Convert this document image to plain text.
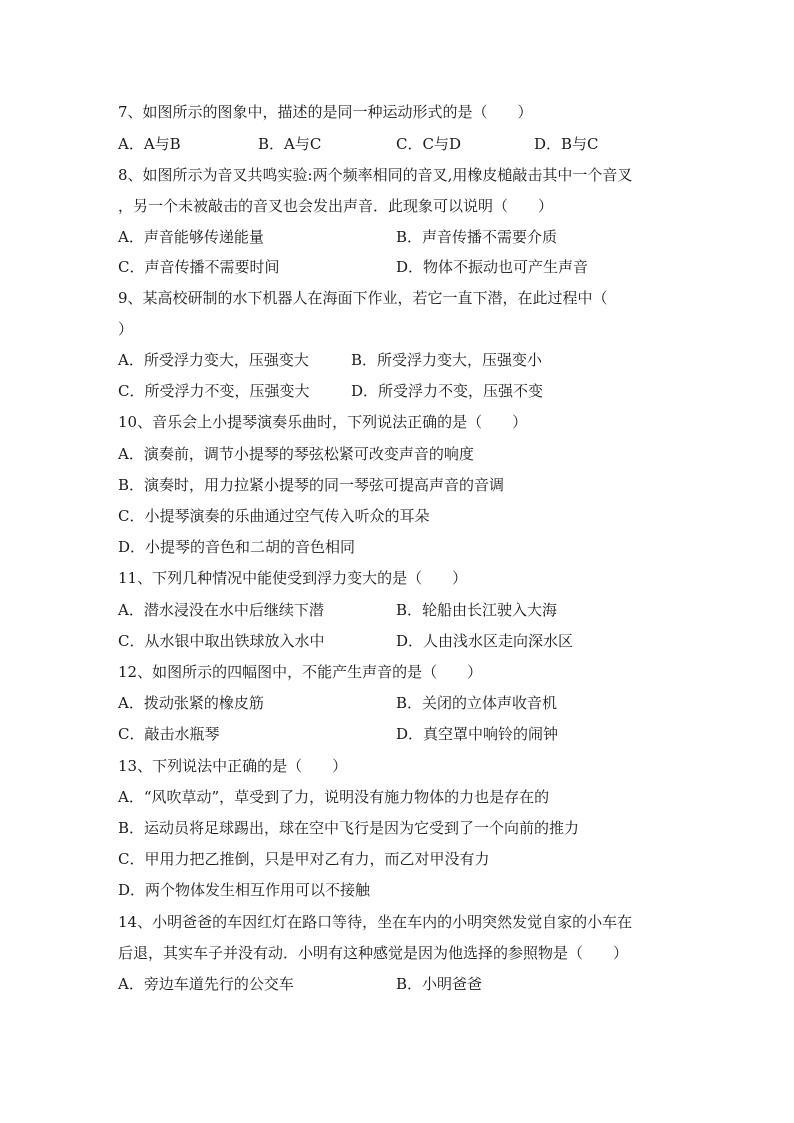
7、如图所示的图象中，描述的是同一种运动形式的是（　　）
A．A与B	B．A与C	C．C与D	D．B与C
8、如图所示为音叉共鸣实验:两个频率相同的音叉,用橡皮槌敲击其中一个音叉
，另一个未被敲击的音叉也会发出声音．此现象可以说明（　　）
A．声音能够传递能量	B．声音传播不需要介质
C．声音传播不需要时间	D．物体不振动也可产生声音
9、某高校研制的水下机器人在海面下作业，若它一直下潜，在此过程中（
）
A．所受浮力变大，压强变大	B．所受浮力变大，压强变小
C．所受浮力不变，压强变大	D．所受浮力不变，压强不变
10、音乐会上小提琴演奏乐曲时，下列说法正确的是（　　）
A．演奏前，调节小提琴的琴弦松紧可改变声音的响度
B．演奏时，用力拉紧小提琴的同一琴弦可提高声音的音调
C．小提琴演奏的乐曲通过空气传入听众的耳朵
D．小提琴的音色和二胡的音色相同
11、下列几种情况中能使受到浮力变大的是（　　）
A．潜水浸没在水中后继续下潜	B．轮船由长江驶入大海
C．从水银中取出铁球放入水中	D．人由浅水区走向深水区
12、如图所示的四幅图中，不能产生声音的是（　　）
A．拨动张紧的橡皮筋	B．关闭的立体声收音机
C．敲击水瓶琴	D．真空罩中响铃的闹钟
13、下列说法中正确的是（　　）
A．“风吹草动”，草受到了力，说明没有施力物体的力也是存在的
B．运动员将足球踢出，球在空中飞行是因为它受到了一个向前的推力
C．甲用力把乙推倒，只是甲对乙有力，而乙对甲没有力
D．两个物体发生相互作用可以不接触
14、小明爸爸的车因红灯在路口等待，坐在车内的小明突然发觉自家的小车在
后退，其实车子并没有动．小明有这种感觉是因为他选择的参照物是（　　）
A．旁边车道先行的公交车	B．小明爸爸
